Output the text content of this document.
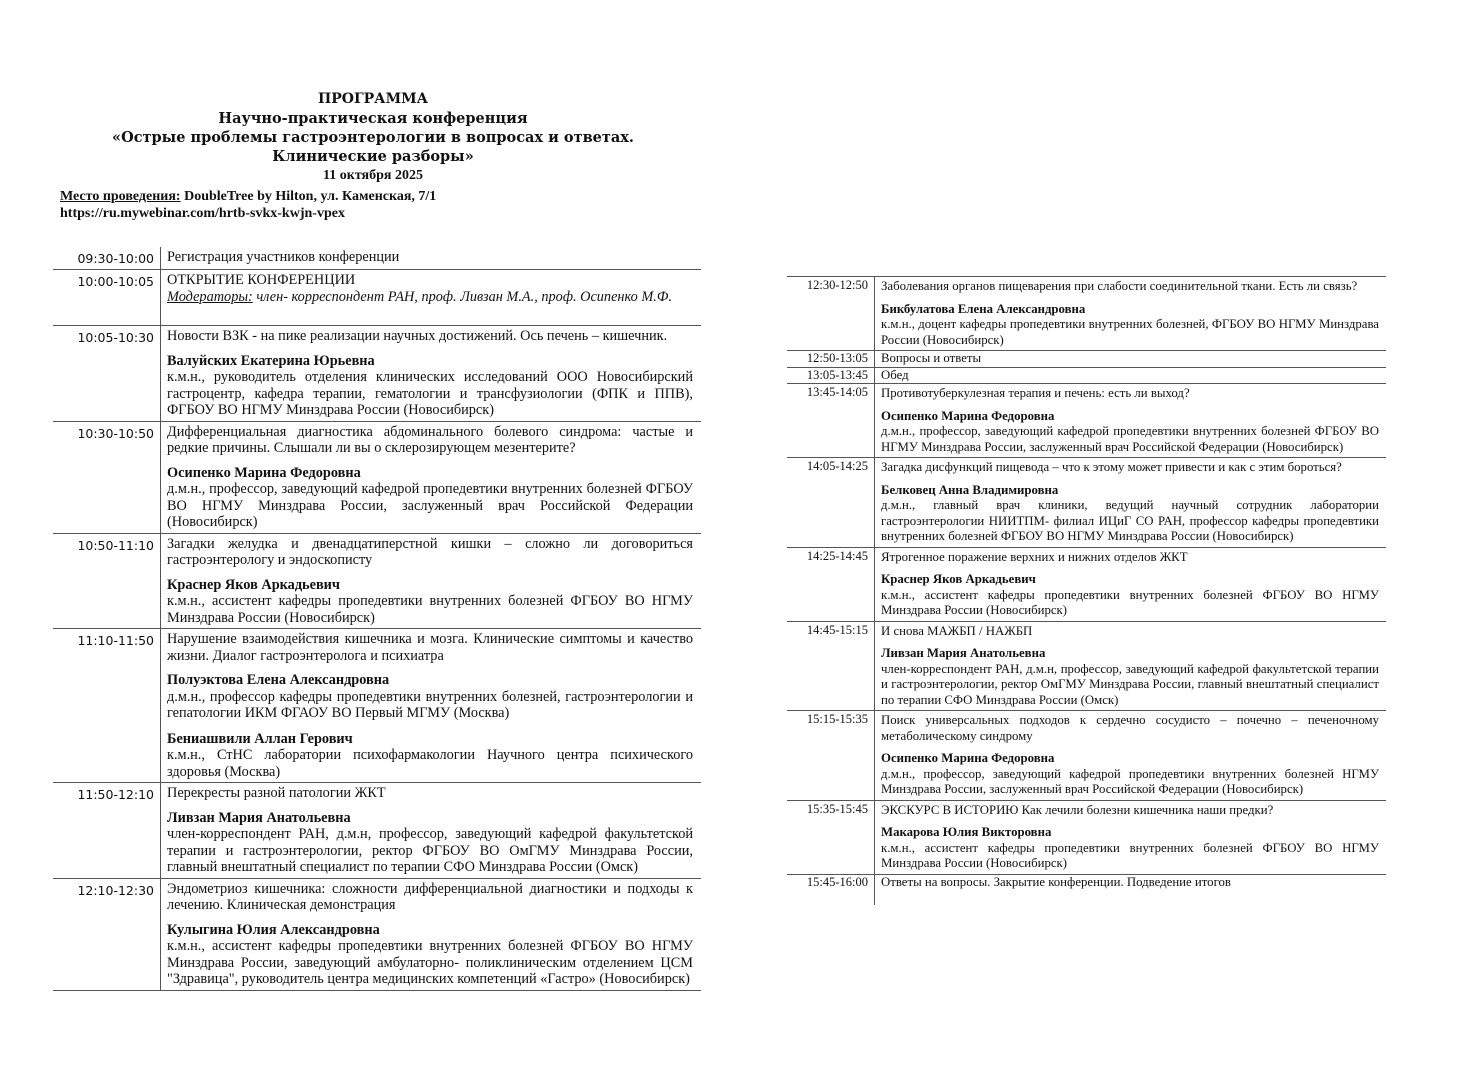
ПРОГРАММА
Научно-практическая конференция
«Острые проблемы гастроэнтерологии в вопросах и ответах.
Клинические разборы»
11 октября 2025
Место проведения: DoubleTree by Hilton, ул. Каменская, 7/1
https://ru.mywebinar.com/hrtb-svkx-kwjn-vpex
09:30-10:00	Регистрация участников конференции

10:00-10:05	ОТКРЫТИЕ КОНФЕРЕНЦИИ
Модераторы: член- корреспондент РАН, проф. Ливзан М.А., проф. Осипенко М.Ф.

10:05-10:30	Новости ВЗК - на пике реализации научных достижений. Ось печень – кишечник.
Валуйских Екатерина Юрьевна
к.м.н., руководитель отделения клинических исследований ООО Новосибирский гастроцентр, кафедра терапии, гематологии и трансфузиологии (ФПК и ППВ), ФГБОУ ВО НГМУ Минздрава России (Новосибирск)

10:30-10:50	Дифференциальная диагностика абдоминального болевого синдрома: частые и редкие причины. Слышали ли вы о склерозирующем мезентерите?
Осипенко Марина Федоровна
д.м.н., профессор, заведующий кафедрой пропедевтики внутренних болезней ФГБОУ ВО НГМУ Минздрава России, заслуженный врач Российской Федерации (Новосибирск)

10:50-11:10	Загадки желудка и двенадцатиперстной кишки – сложно ли договориться гастроэнтерологу и эндоскописту
Краснер Яков Аркадьевич
к.м.н., ассистент кафедры пропедевтики внутренних болезней ФГБОУ ВО НГМУ Минздрава России (Новосибирск)

11:10-11:50	Нарушение взаимодействия кишечника и мозга. Клинические симптомы и качество жизни. Диалог гастроэнтеролога и психиатра
Полуэктова Елена Александровна
д.м.н., профессор кафедры пропедевтики внутренних болезней, гастроэнтерологии и гепатологии ИКМ ФГАОУ ВО Первый МГМУ (Москва)
Бениашвили Аллан Герович
к.м.н., СтНС лаборатории психофармакологии Научного центра психического здоровья (Москва)

11:50-12:10	Перекресты разной патологии ЖКТ
Ливзан Мария Анатольевна
член-корреспондент РАН, д.м.н, профессор, заведующий кафедрой факультетской терапии и гастроэнтерологии, ректор ФГБОУ ВО ОмГМУ Минздрава России, главный внештатный специалист по терапии СФО Минздрава России (Омск)

12:10-12:30	Эндометриоз кишечника: сложности дифференциальной диагностики и подходы к лечению. Клиническая демонстрация
Кулыгина Юлия Александровна
к.м.н., ассистент кафедры пропедевтики внутренних болезней ФГБОУ ВО НГМУ Минздрава России, заведующий амбулаторно- поликлиническим отделением ЦСМ "Здравица", руководитель центра медицинских компетенций «Гастро» (Новосибирск)
12:30-12:50	Заболевания органов пищеварения при слабости соединительной ткани. Есть ли связь?
Бикбулатова Елена Александровна
к.м.н., доцент кафедры пропедевтики внутренних болезней, ФГБОУ ВО НГМУ Минздрава России (Новосибирск)

12:50-13:05	Вопросы и ответы

13:05-13:45	Обед

13:45-14:05	Противотуберкулезная терапия и печень: есть ли выход?
Осипенко Марина Федоровна
д.м.н., профессор, заведующий кафедрой пропедевтики внутренних болезней ФГБОУ ВО НГМУ Минздрава России, заслуженный врач Российской Федерации (Новосибирск)

14:05-14:25	Загадка дисфункций пищевода – что к этому может привести и как с этим бороться?
Белковец Анна Владимировна
д.м.н., главный врач клиники, ведущий научный сотрудник лаборатории гастроэнтерологии НИИТПМ- филиал ИЦиГ СО РАН, профессор кафедры пропедевтики внутренних болезней ФГБОУ ВО НГМУ Минздрава России (Новосибирск)

14:25-14:45	Ятрогенное поражение верхних и нижних отделов ЖКТ
Краснер Яков Аркадьевич
к.м.н., ассистент кафедры пропедевтики внутренних болезней ФГБОУ ВО НГМУ Минздрава России (Новосибирск)

14:45-15:15	И снова МАЖБП / НАЖБП
Ливзан Мария Анатольевна
член-корреспондент РАН, д.м.н, профессор, заведующий кафедрой факультетской терапии и гастроэнтерологии, ректор ОмГМУ Минздрава России, главный внештатный специалист по терапии СФО Минздрава России (Омск)

15:15-15:35	Поиск универсальных подходов к сердечно сосудисто – почечно – печеночному метаболическому синдрому
Осипенко Марина Федоровна
д.м.н., профессор, заведующий кафедрой пропедевтики внутренних болезней НГМУ Минздрава России, заслуженный врач Российской Федерации (Новосибирск)

15:35-15:45	ЭКСКУРС В ИСТОРИЮ Как лечили болезни кишечника наши предки?
Макарова Юлия Викторовна
к.м.н., ассистент кафедры пропедевтики внутренних болезней ФГБОУ ВО НГМУ Минздрава России (Новосибирск)

15:45-16:00	Ответы на вопросы. Закрытие конференции. Подведение итогов
